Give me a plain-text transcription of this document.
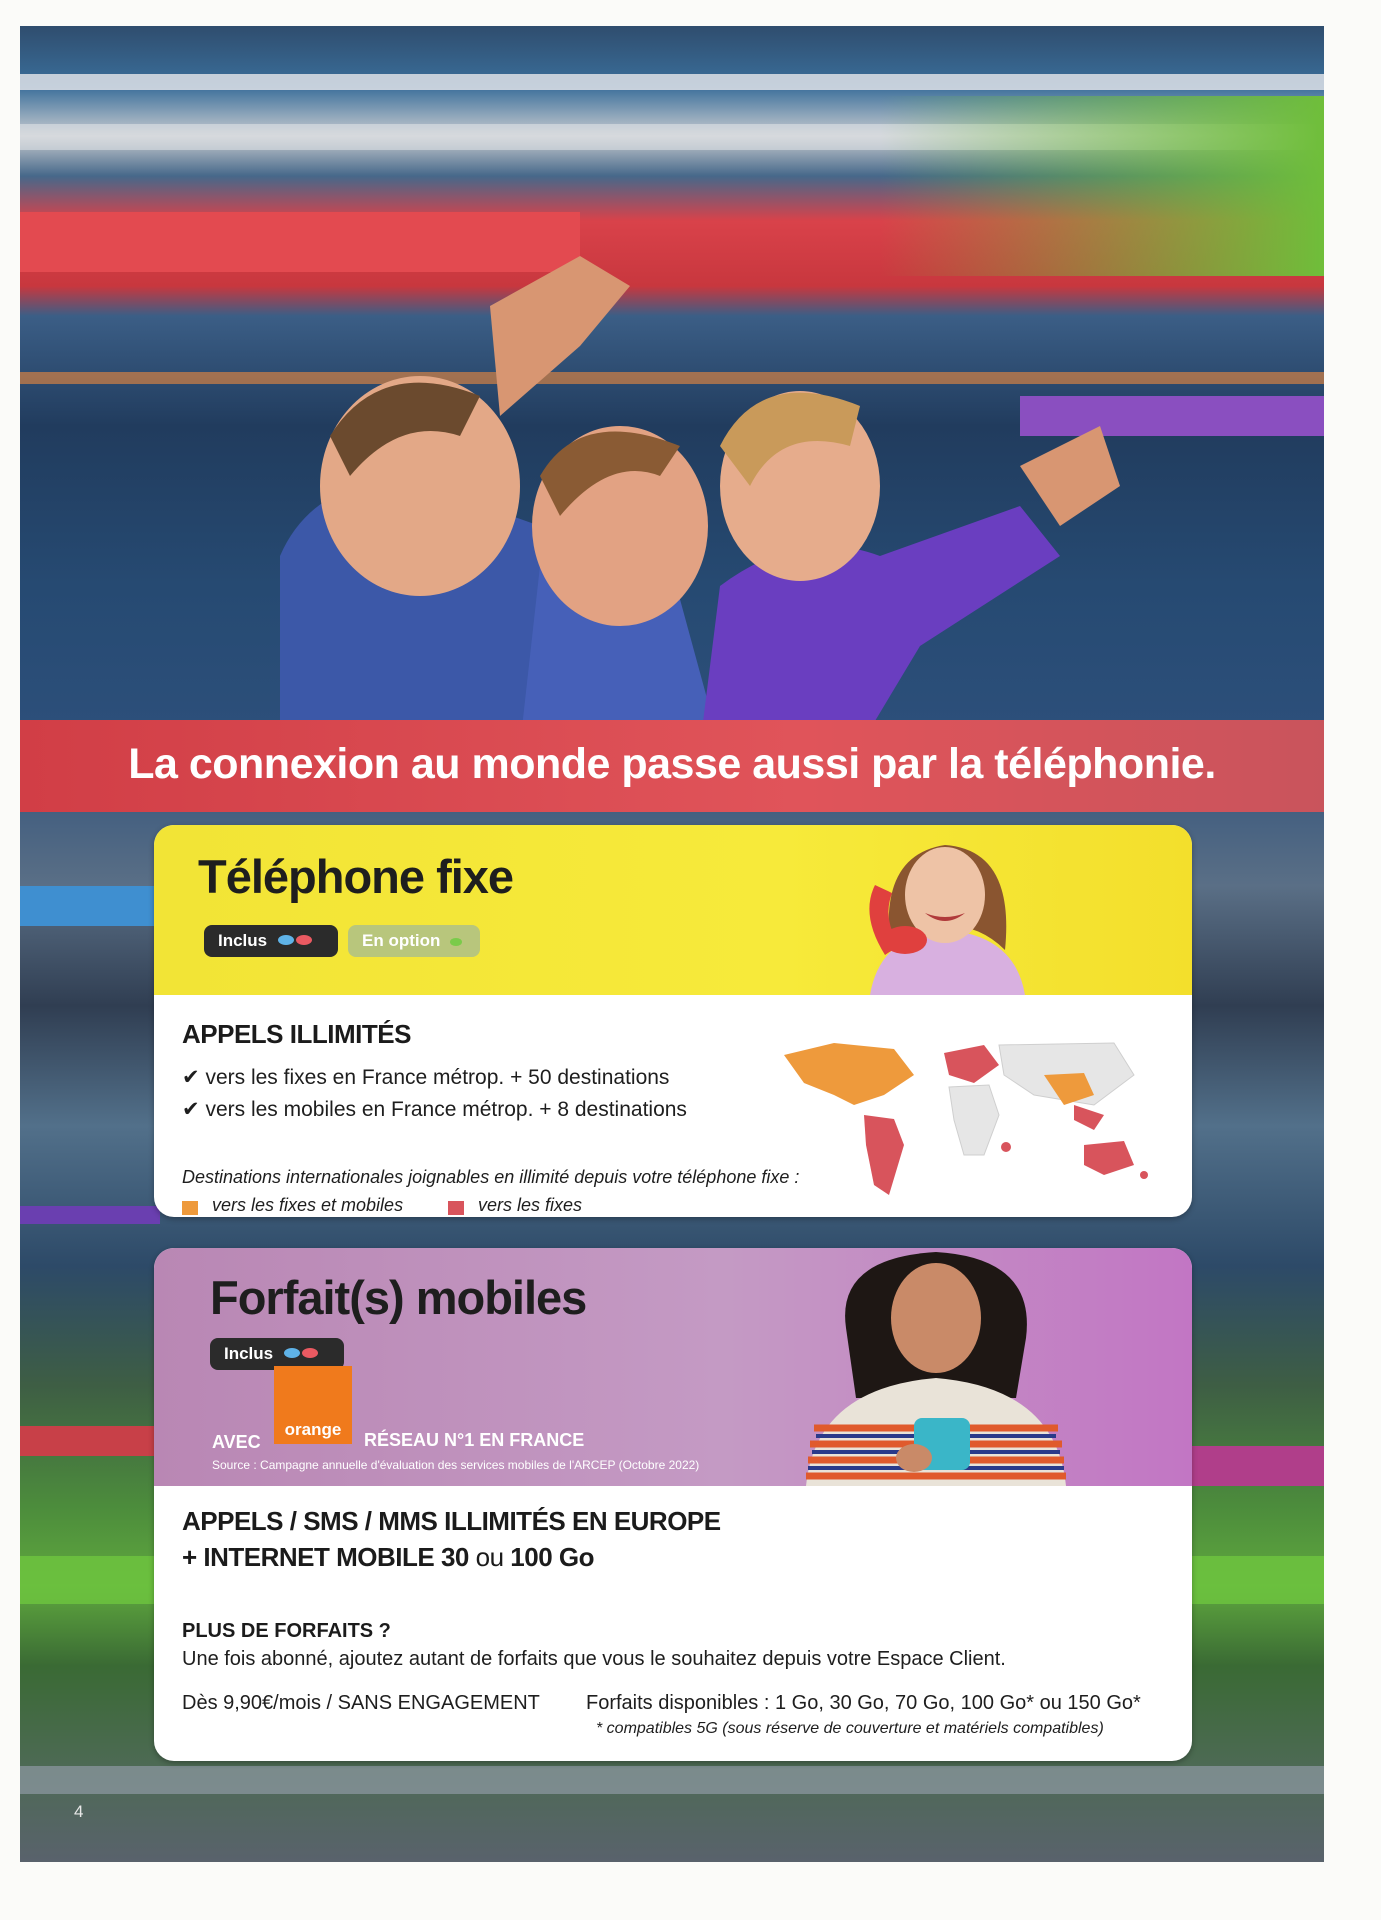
La connexion au monde passe aussi par la téléphonie.
Téléphone fixe
Inclus	En option
APPELS ILLIMITÉS
✔ vers les fixes en France métrop. + 50 destinations
✔ vers les mobiles en France métrop. + 8 destinations
Destinations internationales joignables en illimité depuis votre téléphone fixe :
vers les fixes et mobiles	vers les fixes
Forfait(s) mobiles
Inclus
AVEC
orange
RÉSEAU N°1 EN FRANCE
Source : Campagne annuelle d'évaluation des services mobiles de l'ARCEP (Octobre 2022)
APPELS / SMS / MMS ILLIMITÉS EN EUROPE
+ INTERNET MOBILE 30 ou 100 Go
PLUS DE FORFAITS ?
Une fois abonné, ajoutez autant de forfaits que vous le souhaitez depuis votre Espace Client.
Dès 9,90€/mois / SANS ENGAGEMENT Forfaits disponibles : 1 Go, 30 Go, 70 Go, 100 Go* ou 150 Go*
* compatibles 5G (sous réserve de couverture et matériels compatibles)
4
